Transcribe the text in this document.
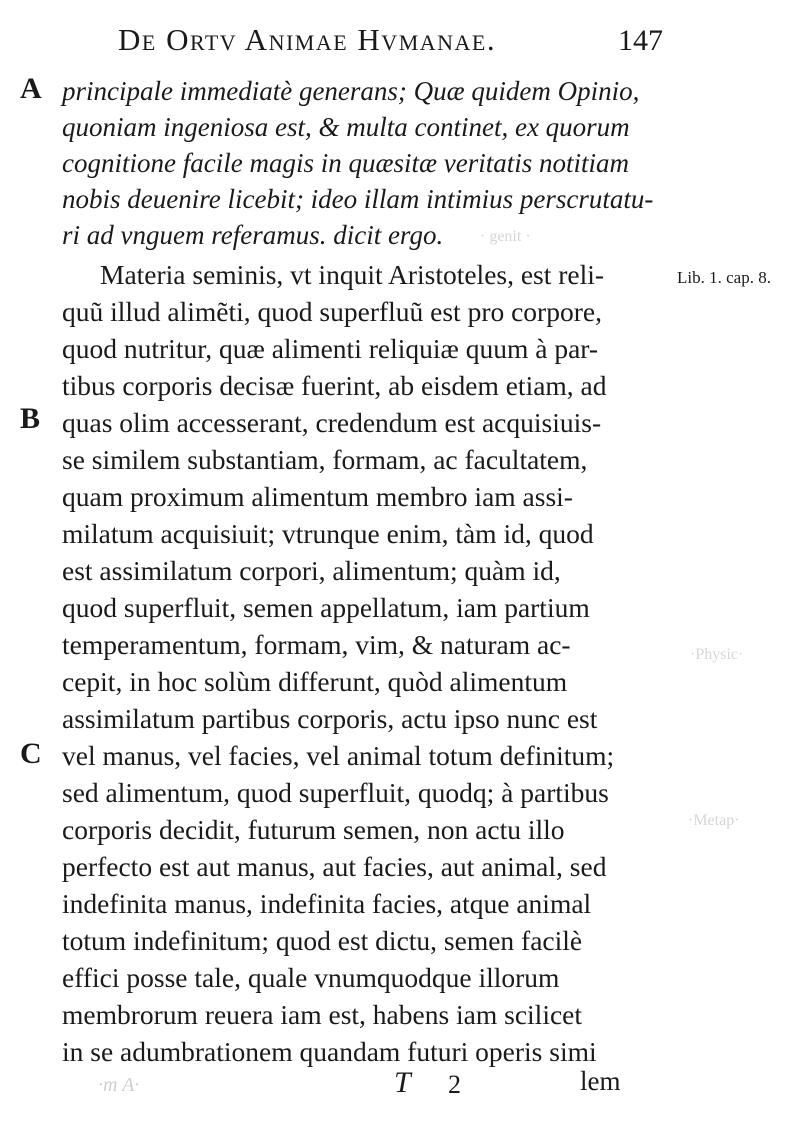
De Ortv Animae Hvmanae.	147
A
B
C
principale immediatè generans; Quæ quidem Opinio,
quoniam ingeniosa est, & multa continet, ex quorum
cognitione facile magis in quæsitæ veritatis notitiam
nobis deuenire licebit; ideo illam intimius perscrutatu-
ri ad vnguem referamus. dicit ergo.
Materia seminis, vt inquit Aristoteles, est reli-
quũ illud alimẽti, quod superfluũ est pro corpore,
quod nutritur, quæ alimenti reliquiæ quum à par-
tibus corporis decisæ fuerint, ab eisdem etiam, ad
quas olim accesserant, credendum est acquisiuis-
se similem substantiam, formam, ac facultatem,
quam proximum alimentum membro iam assi-
milatum acquisiuit; vtrunque enim, tàm id, quod
est assimilatum corpori, alimentum; quàm id,
quod superfluit, semen appellatum, iam partium
temperamentum, formam, vim, & naturam ac-
cepit, in hoc solùm differunt, quòd alimentum
assimilatum partibus corporis, actu ipso nunc est
vel manus, vel facies, vel animal totum definitum;
sed alimentum, quod superfluit, quodq; à partibus
corporis decidit, futurum semen, non actu illo
perfecto est aut manus, aut facies, aut animal, sed
indefinita manus, indefinita facies, atque animal
totum indefinitum; quod est dictu, semen facilè
effici posse tale, quale vnumquodque illorum
membrorum reuera iam est, habens iam scilicet
in se adumbrationem quandam futuri operis simi
Lib. 1. cap. 8.
·Physic·
·Metap·
· genit ·
·m A·	T 2	lem
